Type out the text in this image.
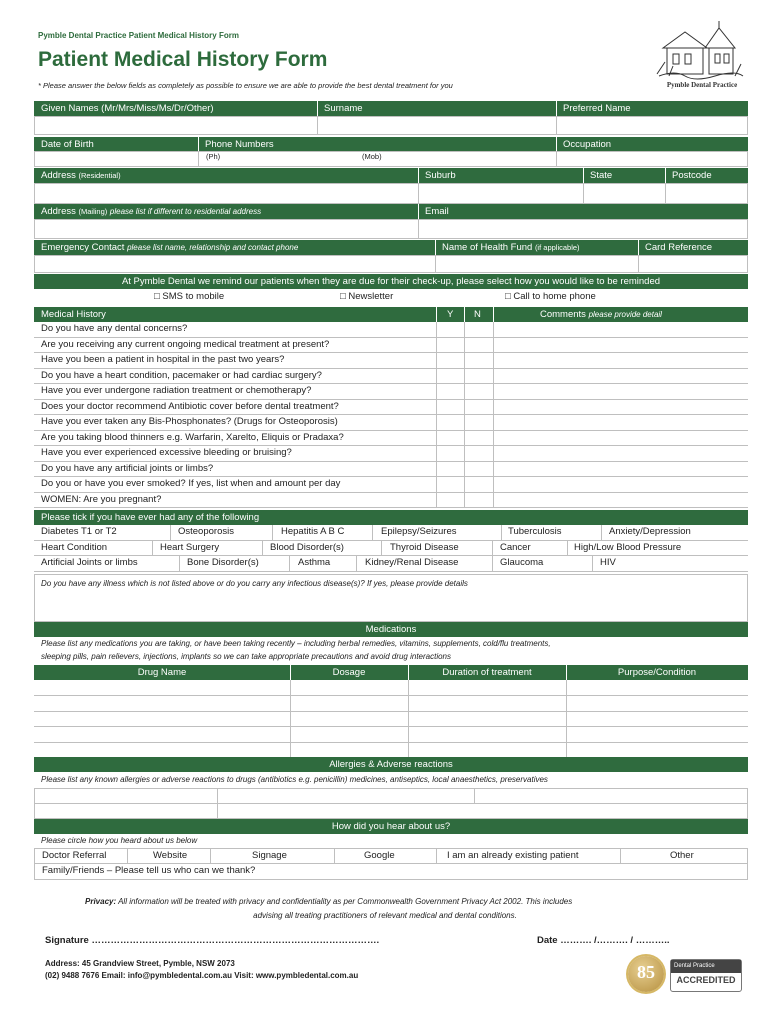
Pymble Dental Practice Patient Medical History Form
Patient Medical History Form
* Please answer the below fields as completely as possible to ensure we are able to provide the best dental treatment for you	Pymble Dental Practice
Given Names (Mr/Mrs/Miss/Ms/Dr/Other)	Surname	Preferred Name
Date of Birth	Phone Numbers	Occupation
(Ph)	(Mob)
Address (Residential)	Suburb	State	Postcode
Address (Mailing) please list if different to residential address	Email
Emergency Contact please list name, relationship and contact phone	Name of Health Fund (if applicable)	Card Reference
At Pymble Dental we remind our patients when they are due for their check-up, please select how you would like to be reminded
□ SMS to mobile	□ Newsletter	□ Call to home phone
Medical History	Y N	Comments please provide detail
Do you have any dental concerns?
Are you receiving any current ongoing medical treatment at present?
Have you been a patient in hospital in the past two years?
Do you have a heart condition, pacemaker or had cardiac surgery?
Have you ever undergone radiation treatment or chemotherapy?
Does your doctor recommend Antibiotic cover before dental treatment?
Have you ever taken any Bis-Phosphonates? (Drugs for Osteoporosis)
Are you taking blood thinners e.g. Warfarin, Xarelto, Eliquis or Pradaxa?
Have you ever experienced excessive bleeding or bruising?
Do you have any artificial joints or limbs?
Do you or have you ever smoked? If yes, list when and amount per day
WOMEN: Are you pregnant?
Please tick if you have ever had any of the following
Diabetes T1 or T2	Osteoporosis	Hepatitis A B C	Epilepsy/Seizures	Tuberculosis	Anxiety/Depression
Heart Condition	Heart Surgery	Blood Disorder(s)	Thyroid Disease	Cancer	High/Low Blood Pressure
Artificial Joints or limbs	Bone Disorder(s)	Asthma	Kidney/Renal Disease	Glaucoma	HIV
Do you have any illness which is not listed above or do you carry any infectious disease(s)? If yes, please provide details
Medications
Please list any medications you are taking, or have been taking recently – including herbal remedies, vitamins, supplements, cold/flu treatments,
sleeping pills, pain relievers, injections, implants so we can take appropriate precautions and avoid drug interactions
Drug Name	Dosage	Duration of treatment	Purpose/Condition
Allergies & Adverse reactions
Please list any known allergies or adverse reactions to drugs (antibiotics e.g. penicillin) medicines, antiseptics, local anaesthetics, preservatives
How did you hear about us?
Please circle how you heard about us below
Doctor Referral	Website	Signage	Google	I am an already existing patient	Other
Family/Friends – Please tell us who can we thank?
Privacy: All information will be treated with privacy and confidentiality as per Commonwealth Government Privacy Act 2002. This includes
advising all treating practitioners of relevant medical and dental conditions.
Signature ……………………………………………………………………………….	Date ………. /………. / ………..
Address: 45 Grandview Street, Pymble, NSW 2073
(02) 9488 7676 Email: info@pymbledental.com.au Visit: www.pymbledental.com.au	85	Dental Practice
ACCREDITED
